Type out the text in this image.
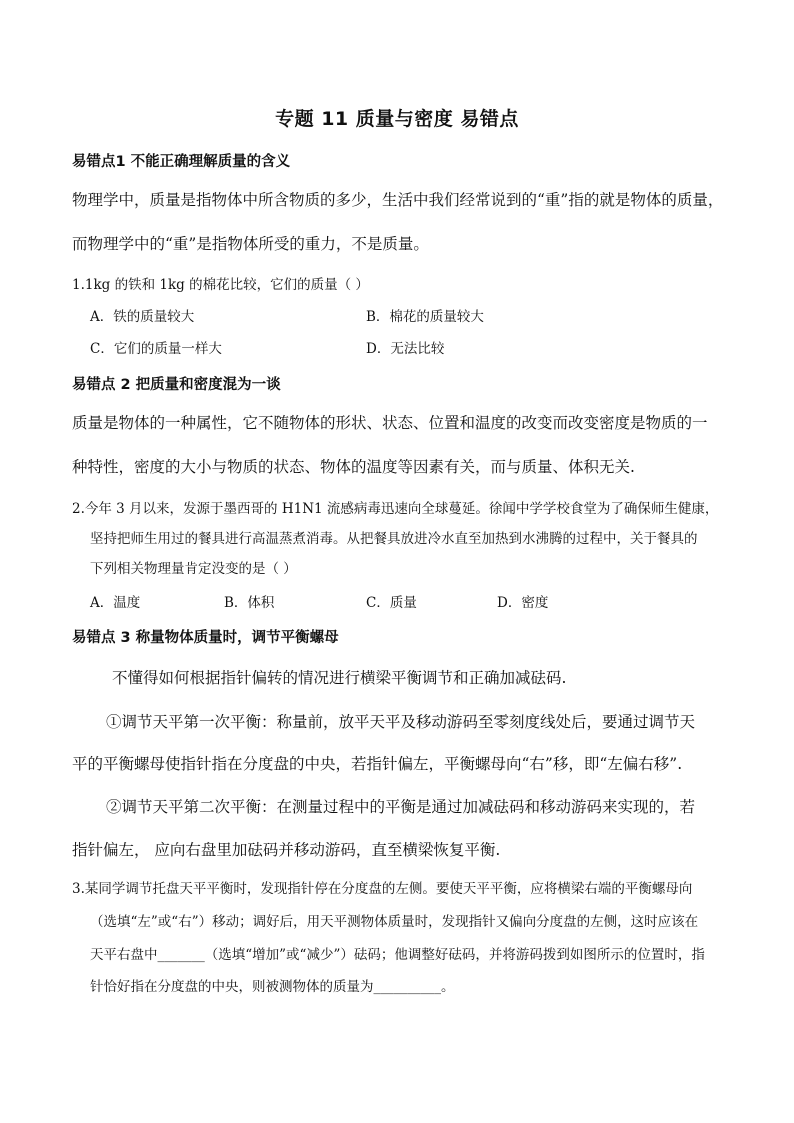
专题 11 质量与密度 易错点
易错点1 不能正确理解质量的含义
物理学中，质量是指物体中所含物质的多少，生活中我们经常说到的“重”指的就是物体的质量，
而物理学中的“重”是指物体所受的重力，不是质量。
1.1kg 的铁和 1kg 的棉花比较，它们的质量（ ）
A．铁的质量较大	B．棉花的质量较大
C．它们的质量一样大	D．无法比较
易错点 2 把质量和密度混为一谈
质量是物体的一种属性，它不随物体的形状、状态、位置和温度的改变而改变密度是物质的一
种特性，密度的大小与物质的状态、物体的温度等因素有关，而与质量、体积无关.
2.今年 3 月以来，发源于墨西哥的 H1N1 流感病毒迅速向全球蔓延。徐闻中学学校食堂为了确保师生健康，
坚持把师生用过的餐具进行高温蒸煮消毒。从把餐具放进冷水直至加热到水沸腾的过程中，关于餐具的
下列相关物理量肯定没变的是（ ）
A．温度	B．体积	C．质量	D．密度
易错点 3 称量物体质量时，调节平衡螺母
不懂得如何根据指针偏转的情况进行横梁平衡调节和正确加减砝码.
①调节天平第一次平衡：称量前，放平天平及移动游码至零刻度线处后，要通过调节天
平的平衡螺母使指针指在分度盘的中央，若指针偏左，平衡螺母向“右”移，即“左偏右移”.
②调节天平第二次平衡：在测量过程中的平衡是通过加减砝码和移动游码来实现的，若
指针偏左， 应向右盘里加砝码并移动游码，直至横梁恢复平衡.
3.某同学调节托盘天平平衡时，发现指针停在分度盘的左侧。要使天平平衡，应将横梁右端的平衡螺母向
（选填“左”或“右”）移动；调好后，用天平测物体质量时，发现指针又偏向分度盘的左侧，这时应该在
天平右盘中_______（选填“增加”或“减少”）砝码；他调整好砝码，并将游码拨到如图所示的位置时，指
针恰好指在分度盘的中央，则被测物体的质量为__________。
